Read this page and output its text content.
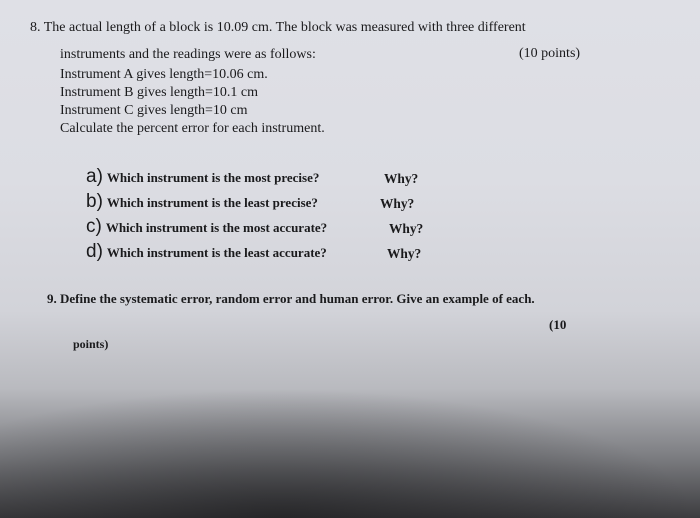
8. The actual length of a block is 10.09 cm. The block was measured with three different
instruments and the readings were as follows:	(10 points)
Instrument A gives length=10.06 cm.
Instrument B gives length=10.1 cm
Instrument C gives length=10 cm
Calculate the percent error for each instrument.
a) Which instrument is the most precise?	Why?
b) Which instrument is the least precise?	Why?
c) Which instrument is the most accurate?	Why?
d) Which instrument is the least accurate?	Why?
9. Define the systematic error, random error and human error. Give an example of each.
(10
points)
